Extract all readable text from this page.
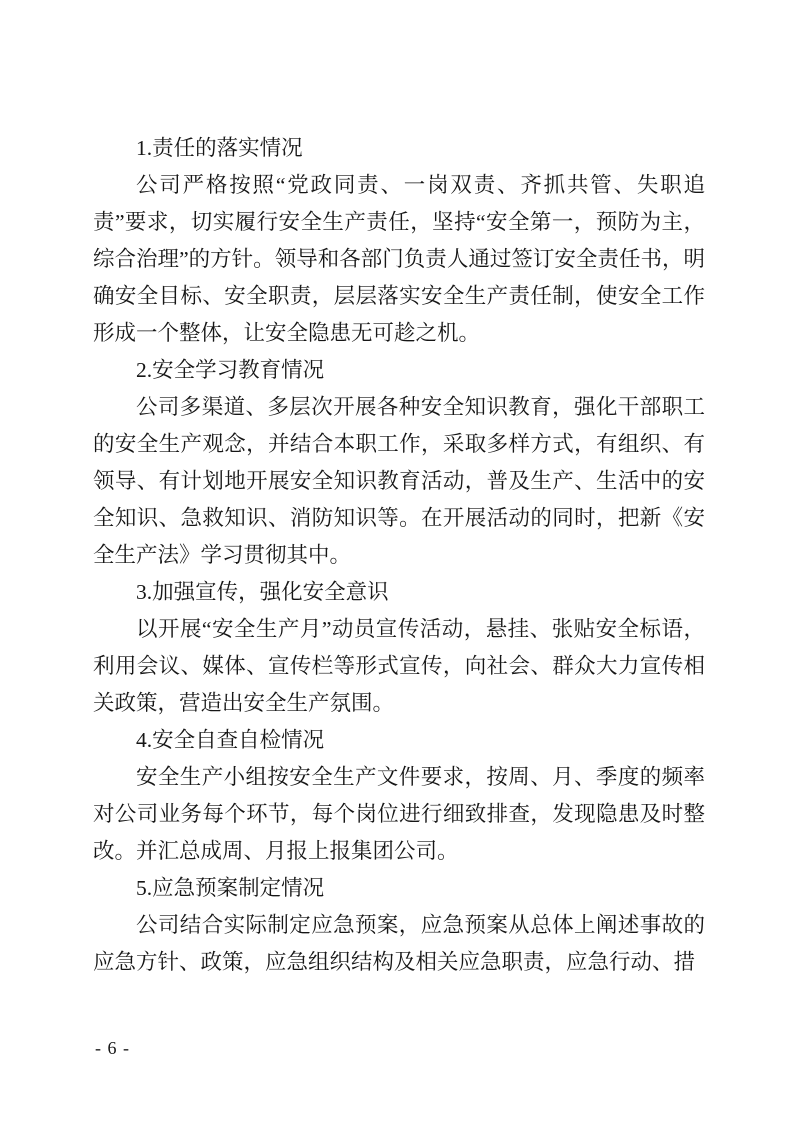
1.责任的落实情况

公司严格按照“党政同责、一岗双责、齐抓共管、失职追责”要求，切实履行安全生产责任，坚持“安全第一，预防为主，综合治理”的方针。领导和各部门负责人通过签订安全责任书，明确安全目标、安全职责，层层落实安全生产责任制，使安全工作形成一个整体，让安全隐患无可趁之机。

2.安全学习教育情况

公司多渠道、多层次开展各种安全知识教育，强化干部职工的安全生产观念，并结合本职工作，采取多样方式，有组织、有领导、有计划地开展安全知识教育活动，普及生产、生活中的安全知识、急救知识、消防知识等。在开展活动的同时，把新《安全生产法》学习贯彻其中。

3.加强宣传，强化安全意识

以开展“安全生产月”动员宣传活动，悬挂、张贴安全标语，利用会议、媒体、宣传栏等形式宣传，向社会、群众大力宣传相关政策，营造出安全生产氛围。

4.安全自查自检情况

安全生产小组按安全生产文件要求，按周、月、季度的频率对公司业务每个环节，每个岗位进行细致排查，发现隐患及时整改。并汇总成周、月报上报集团公司。

5.应急预案制定情况

公司结合实际制定应急预案，应急预案从总体上阐述事故的应急方针、政策，应急组织结构及相关应急职责，应急行动、措

- 6 -
